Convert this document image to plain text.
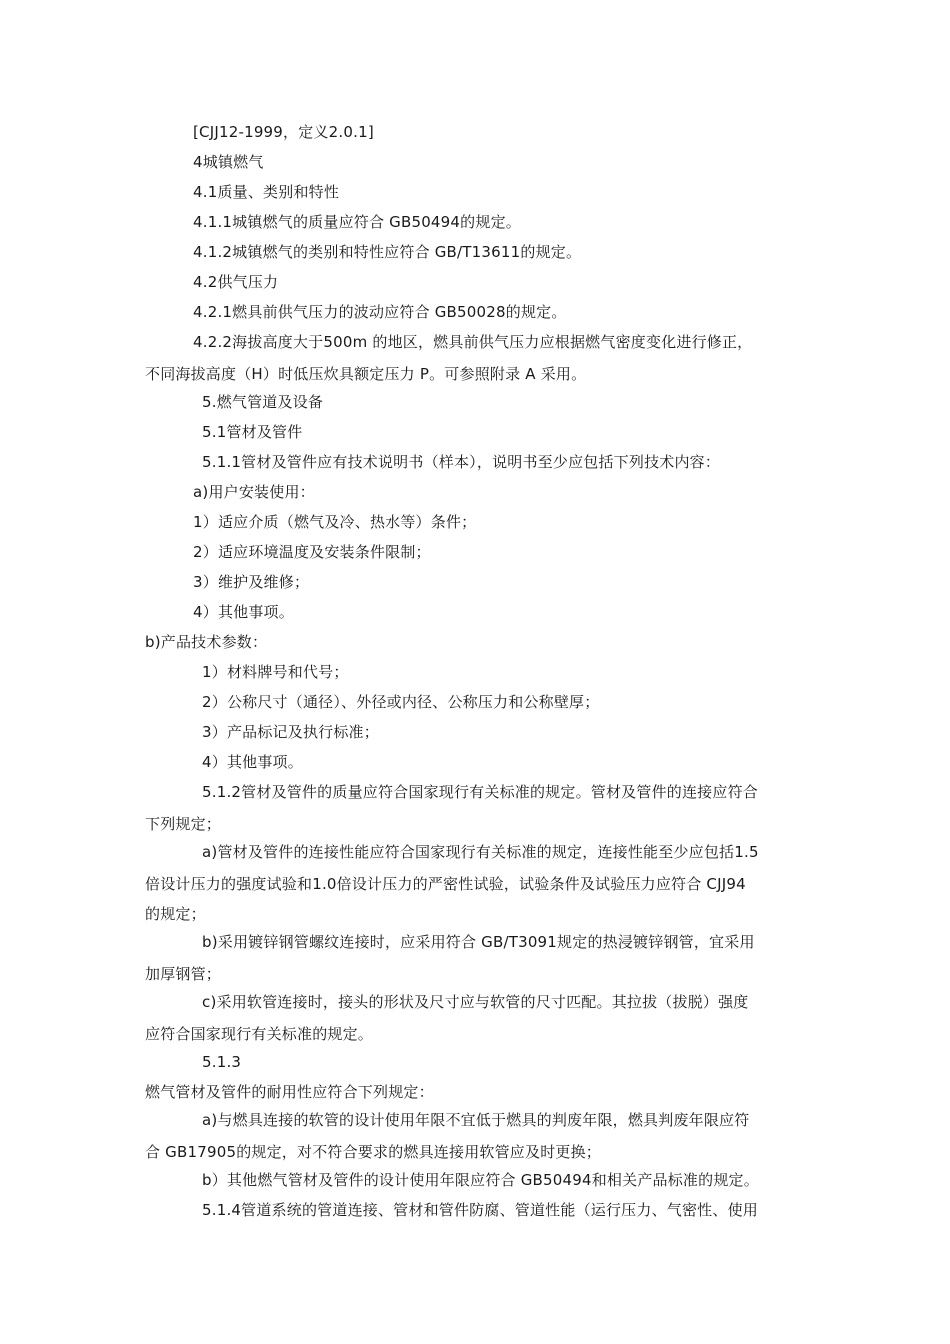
[CJJ12-1999，定义2.0.1]
4城镇燃气
4.1质量、类别和特性
4.1.1城镇燃气的质量应符合 GB50494的规定。
4.1.2城镇燃气的类别和特性应符合 GB/T13611的规定。
4.2供气压力
4.2.1燃具前供气压力的波动应符合 GB50028的规定。
4.2.2海拔高度大于500m 的地区，燃具前供气压力应根据燃气密度变化进行修正，
不同海拔高度（H）时低压炊具额定压力 P。可参照附录 A 采用。
5.燃气管道及设备
5.1管材及管件
5.1.1管材及管件应有技术说明书（样本），说明书至少应包括下列技术内容：
a)用户安装使用：
1）适应介质（燃气及冷、热水等）条件；
2）适应环境温度及安装条件限制；
3）维护及维修；
4）其他事项。
b)产品技术参数：
1）材料牌号和代号；
2）公称尺寸（通径）、外径或内径、公称压力和公称壁厚；
3）产品标记及执行标准；
4）其他事项。
5.1.2管材及管件的质量应符合国家现行有关标准的规定。管材及管件的连接应符合
下列规定；
a)管材及管件的连接性能应符合国家现行有关标准的规定，连接性能至少应包括1.5
倍设计压力的强度试验和1.0倍设计压力的严密性试验，试验条件及试验压力应符合 CJJ94
的规定；
b)采用镀锌钢管螺纹连接时，应采用符合 GB/T3091规定的热浸镀锌钢管，宜采用
加厚钢管；
c)采用软管连接时，接头的形状及尺寸应与软管的尺寸匹配。其拉拔（拔脱）强度
应符合国家现行有关标准的规定。
5.1.3
燃气管材及管件的耐用性应符合下列规定：
a)与燃具连接的软管的设计使用年限不宜低于燃具的判废年限，燃具判废年限应符
合 GB17905的规定，对不符合要求的燃具连接用软管应及时更换；
b）其他燃气管材及管件的设计使用年限应符合 GB50494和相关产品标准的规定。
5.1.4管道系统的管道连接、管材和管件防腐、管道性能（运行压力、气密性、使用
